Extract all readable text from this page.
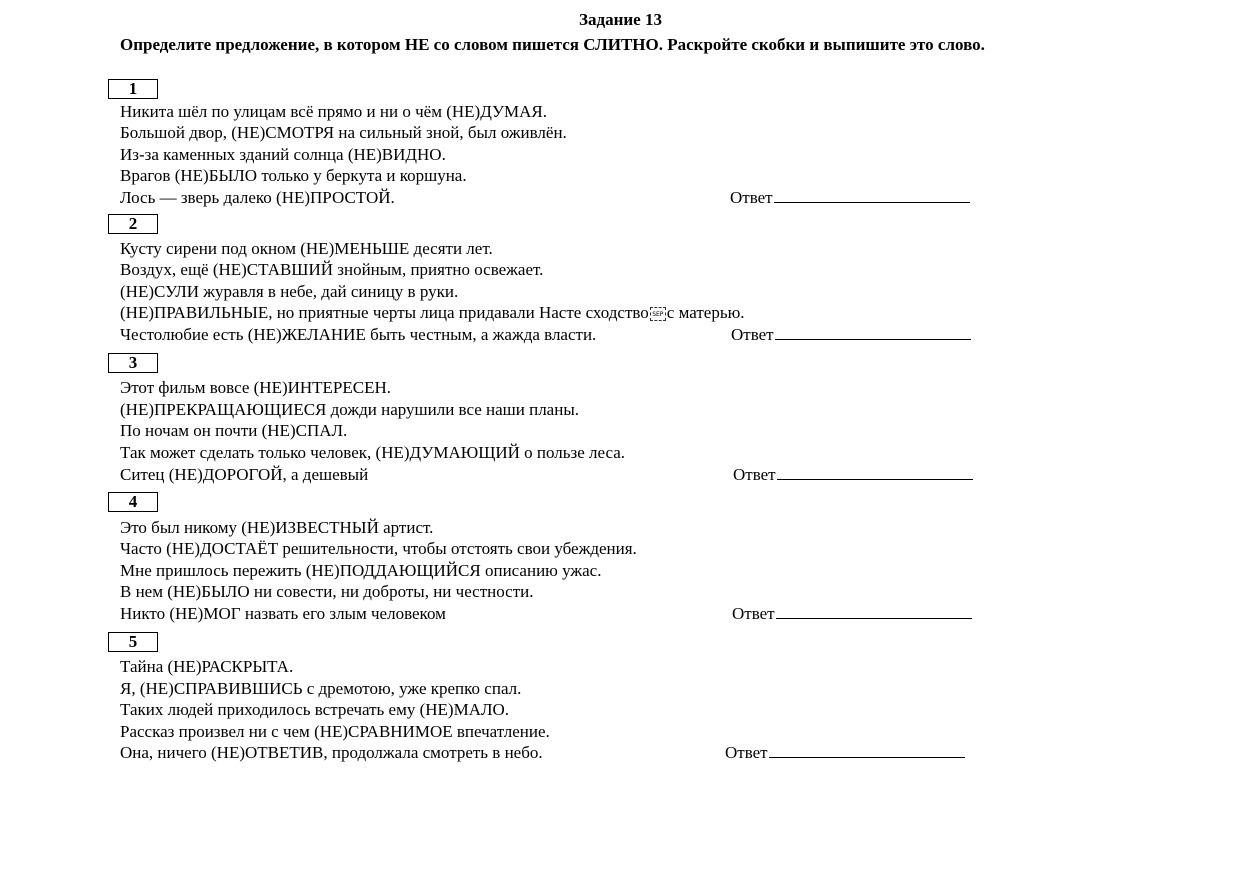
Задание 13
Определите предложение, в котором НЕ со словом пишется СЛИТНО. Раскройте скобки и выпишите это слово.
1
Никита шёл по улицам всё прямо и ни о чём (НЕ)ДУМАЯ.
Большой двор, (НЕ)СМОТРЯ на сильный зной, был оживлён.
Из-за каменных зданий солнца (НЕ)ВИДНО.
Врагов (НЕ)БЫЛО только у беркута и коршуна.
Лось — зверь далеко (НЕ)ПРОСТОЙ.	Ответ
2
Кусту сирени под окном (НЕ)МЕНЬШЕ десяти лет.
Воздух, ещё (НЕ)СТАВШИЙ знойным, приятно освежает.
(НЕ)СУЛИ журавля в небе, дай синицу в руки.
(НЕ)ПРАВИЛЬНЫЕ, но приятные черты лица придавали Насте сходство SEP с матерью.
Честолюбие есть (НЕ)ЖЕЛАНИЕ быть честным, а жажда власти.	Ответ
3
Этот фильм вовсе (НЕ)ИНТЕРЕСЕН.
(НЕ)ПРЕКРАЩАЮЩИЕСЯ дожди нарушили все наши планы.
По ночам он почти (НЕ)СПАЛ.
Так может сделать только человек, (НЕ)ДУМАЮЩИЙ о пользе леса.
Ситец (НЕ)ДОРОГОЙ, а дешевый	Ответ
4
Это был никому (НЕ)ИЗВЕСТНЫЙ артист.
Часто (НЕ)ДОСТАЁТ решительности, чтобы отстоять свои убеждения.
Мне пришлось пережить (НЕ)ПОДДАЮЩИЙСЯ описанию ужас.
В нем (НЕ)БЫЛО ни совести, ни доброты, ни честности.
Никто (НЕ)МОГ назвать его злым человеком	Ответ
5
Тайна (НЕ)РАСКРЫТА.
Я, (НЕ)СПРАВИВШИСЬ с дремотою, уже крепко спал.
Таких людей приходилось встречать ему (НЕ)МАЛО.
Рассказ произвел ни с чем (НЕ)СРАВНИМОЕ впечатление.
Она, ничего (НЕ)ОТВЕТИВ, продолжала смотреть в небо.	Ответ
